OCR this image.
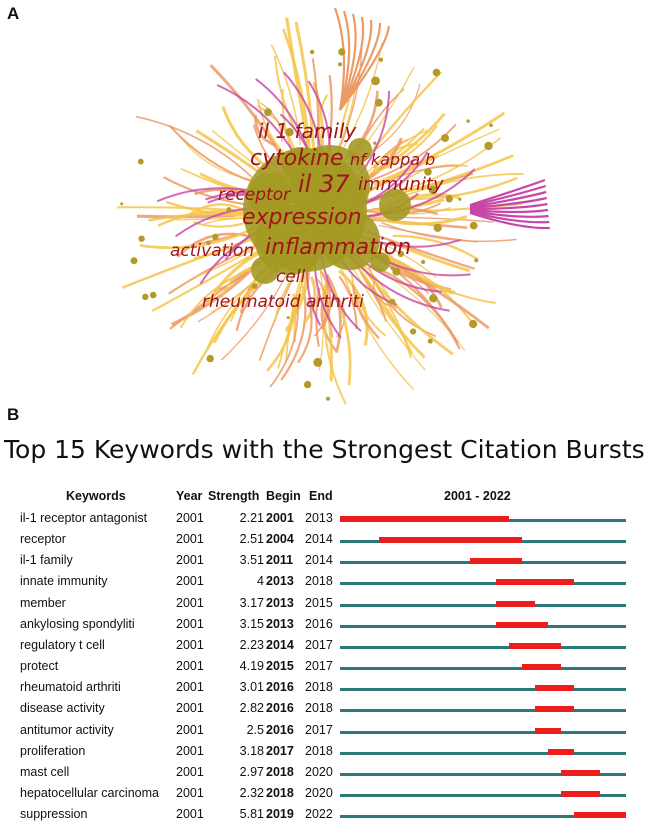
A
il 1 family
cytokine nf kappa b
receptor il 37 immunity
expression
activation inflammation
cell
rheumatoid arthriti
B
Top 15 Keywords with the Strongest Citation Bursts
Keywords	Year Strength Begin End	2001 - 2022
il-1 receptor antagonist 2001	2.21 2001 2013
receptor	2001	2.51 2004 2014
il-1 family	2001	3.51 2011 2014
innate immunity	2001	4 2013 2018
member	2001	3.17 2013 2015
ankylosing spondyliti	2001	3.15 2013 2016
regulatory t cell	2001	2.23 2014 2017
protect	2001	4.19 2015 2017
rheumatoid arthriti	2001	3.01 2016 2018
disease activity	2001	2.82 2016 2018
antitumor activity	2001	2.5 2016 2017
proliferation	2001	3.18 2017 2018
mast cell	2001	2.97 2018 2020
hepatocellular carcinoma 2001	2.32 2018 2020
suppression	2001	5.81 2019 2022
